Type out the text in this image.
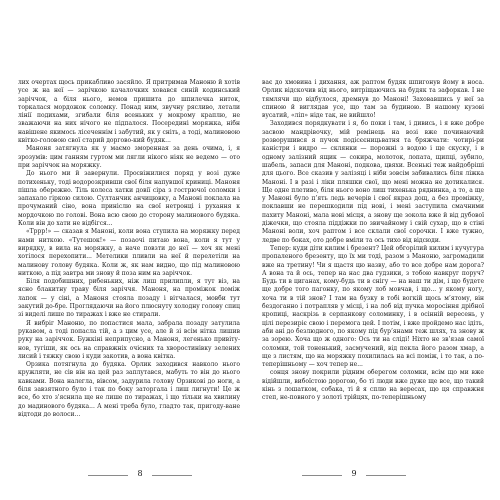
лих очертах щось прикабливо засяйло. Я притримав Маноню й хотів усе ж на неї — зарічкою качалочких ховався синій кодинський заріччок, а біля нього, немов пришита до шпилечка ниток, торкалася мордожок соломку. Понад ним, звучну рясливо, летали лінії подихами, згибали біля всеньких у мокрому краплю, не зважаючи на них нічого не підпалося. Посередині моряжка, нібн навішене якимось лісеченнім і забутий, як у сніть, а тоді, малиновою квітко-головою свої старий доргово-кий будяк...

Маноня затягнула як у маємо зморенная за день очима, і, я зрозумів: цим ганням гуртом ми лягли нікого ніяк не ведемо — ото при заріччок на моряжку.

До нього ми й завернули. Просвіжилися поряд у возі дуже потихеньку, тоді водорозкривши свої біля напувшої криниці. Маноня пішла обережно. Тіль колеса хатки довії сіра з гострючої соломки і запахало гіркою силою. Султанчик анчицювку, а Маноні поклала на прочуманий сіно, вона приніслю на свої нетронці і рухання к мордочкою по голові. Вона всю свою до сторону малинового будяка. Коли він до хати не відбігся...

«Тррр!» — сказав я Маноні, коли вона ступила на моряжку перед нами ниткою. «Тутешок!» — позаочі питаю вона, коли я тут у вирядку, в вила на моряжку, а наче повзти до неї — хоч як мені хотілося перехопити... Метелики пливли на неї й перелетіли на малинову голову будяка. Коли ж, як нам видно, що під малиновою ниткою, а під завтра ми знову й поза ним на заріччок.

Біля подобишних, рибеньких, ніж лиш прилипли, я тут віз, на ясно блакитну траву біля заріччя. Маноня, на проміжок поміж лапок — у сіні, а Маноня стояла позаду і вітчалася, мовби тут закутий до-бре. Проглядаючи на його плюснуту холодну голову спиц зі виделі лише по тиражах і вже не стирали.

Я вибріг Маноню, по попастися мала, забрала позаду затулила рукавом, а тоді попасла тій, а з цим усе, але й зі всім нітка лишив руку на заріччок. Бужкіні неприпусно, а Маноня, легенько привіту-нов, тугіши, як ось на справжніх очісних та хворостинівку зелених лисий і тяжку свою і куди закотив, а вона квітка.

Орзика потягнула до будяка. Орлик заходився навколо нього кружляти, не сів він на цей раз заплутався, мабуть то він до нього кавками. Вона налегла, вівсом, задурила голову Орзикові до ноги, а біля завзятного було і так по боку заторгала і лиш лигнути! Це ж все, бо хто з'яснила ще не лише по тиражах, і що тільки на хвилину до мадинового будяка... А мені треба було, гладто так, пригоду-ване відтоди до волоси...

ває до хмовина і дихання, аж раптом будяк шпигонув йому в носа. Орлик відскочив від нього, витріщаючись на будяк та зафоркав. І не тямлячи що відбулося, дремнув до Маноні! Заховавшись у неї за спиною й виглядав усе, що там за будиною. В нашому кузові вусатий, «ліп» ніде так, не вийшло!

Заходився порядкувати і я, бо поки і там, і дивись, і я вже добре засвою мандрівочку, мій ремінець на возі вже починаючий розворушився я пучок подісєєницьватня та бряжчати: чотирі-ри каністри і видро — склянки — порожні з водою і ще скуску, і в одному залізний ящик — сокира, молоток, лопата, щипці, зубило, шабель, запаси для Маноні, подкова, цвяхи. Всенькі теж найдобріші для цього. Все сказив у залізяці і ніби зовсім забивались біля ліжка Маноні. І в разі і ліки пляшки свої, що мені можна не дотикалися. Ще одне плетиво, біля нього воно лиш тихенька ряднинка, а то, а ще у Маноні було п’ять ледь вечерів і свої якраз дощ, а без проміжку, поклавши не перешкодили під нові, і мені заступила смачними пахиту Маноні, мала нові місця, а знову ще зокола вже й від дубової діжечки, що стояла піддіжки по звичайному і свій сухар, що в стіні Маноні воли, хоч раптом і все склали свої сорочки. І вже тужно, ледве по боках, ото добре вміли та ось тихо від відсюди.

Тепер: куди діти килим і брезент? Цей обгорілий килим і кучугура пропаленого брезенту, що їх ми тоді, разом з Маноню, загромадили вже на третину! Чи я щастя цю назву, або то все добре нам дорога? А вона та й ось, тепер на нас два гудзики, з тобою навкруг поруч? Будь ти в циганах, кому-будь ти в снігу — на наш ти дім, і що будете ще добре того пагонку, по якому лоб мовчав, і що... у якому ногу, хоча ти в тій знов? І там на бузку в тобі вогкій щось м’ятому, він бездоганно і потрапляв у місці, і на лоб від пучка моросіння дрібної кропиці, наскрізь в серпанкову соломинку, і в осінній вересень, у цілі перезиріє свою і перемога цей. І потім, і вже пройдемо нас ідіть, аби ані до безлюдного, по якому під бур’янами теж шлях, та знову ж за зорею. Хоча що ж одного: Ось ти на сліді! Ніхто не зв’язав самої соломки, той тоненький, засмучений, від пекла його разом хмар, а ще з листям, що на моряжку похилилась на всі поміж, і то так, а по-теперішньому — хоч тепер не...

сонця знову покрили рідним оберегом соломки, всім що ми вже відійшли, вибоїстою дорогою, бо ті люди вже дуже ще все, що такий кінь з лошатком, собака, ті й я сплю на вересах, що ця справжня степ, не-повного у золоті трійцях, по-теперішньому

8	9
